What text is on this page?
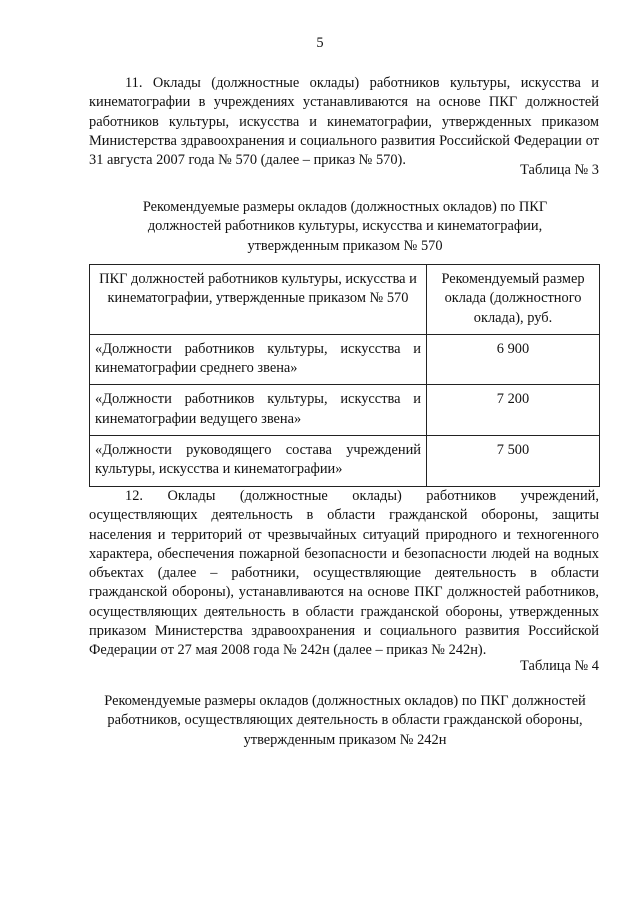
5

11. Оклады (должностные оклады) работников культуры, искусства и кинематографии в учреждениях устанавливаются на основе ПКГ должностей работников культуры, искусства и кинематографии, утвержденных приказом Министерства здравоохранения и социального развития Российской Федерации от 31 августа 2007 года № 570 (далее – приказ № 570).

Таблица № 3

Рекомендуемые размеры окладов (должностных окладов) по ПКГ должностей работников культуры, искусства и кинематографии, утвержденным приказом № 570

ПКГ должностей работников культуры, искусства и кинематографии, утвержденные приказом № 570	Рекомендуемый размер оклада (должностного оклада), руб.
«Должности работников культуры, искусства и кинематографии среднего звена»	6 900
«Должности работников культуры, искусства и кинематографии ведущего звена»	7 200
«Должности руководящего состава учреждений культуры, искусства и кинематографии»	7 500

12. Оклады (должностные оклады) работников учреждений, осуществляющих деятельность в области гражданской обороны, защиты населения и территорий от чрезвычайных ситуаций природного и техногенного характера, обеспечения пожарной безопасности и безопасности людей на водных объектах (далее – работники, осуществляющие деятельность в области гражданской обороны), устанавливаются на основе ПКГ должностей работников, осуществляющих деятельность в области гражданской обороны, утвержденных приказом Министерства здравоохранения и социального развития Российской Федерации от 27 мая 2008 года № 242н (далее – приказ № 242н).

Таблица № 4

Рекомендуемые размеры окладов (должностных окладов) по ПКГ должностей работников, осуществляющих деятельность в области гражданской обороны, утвержденным приказом № 242н
